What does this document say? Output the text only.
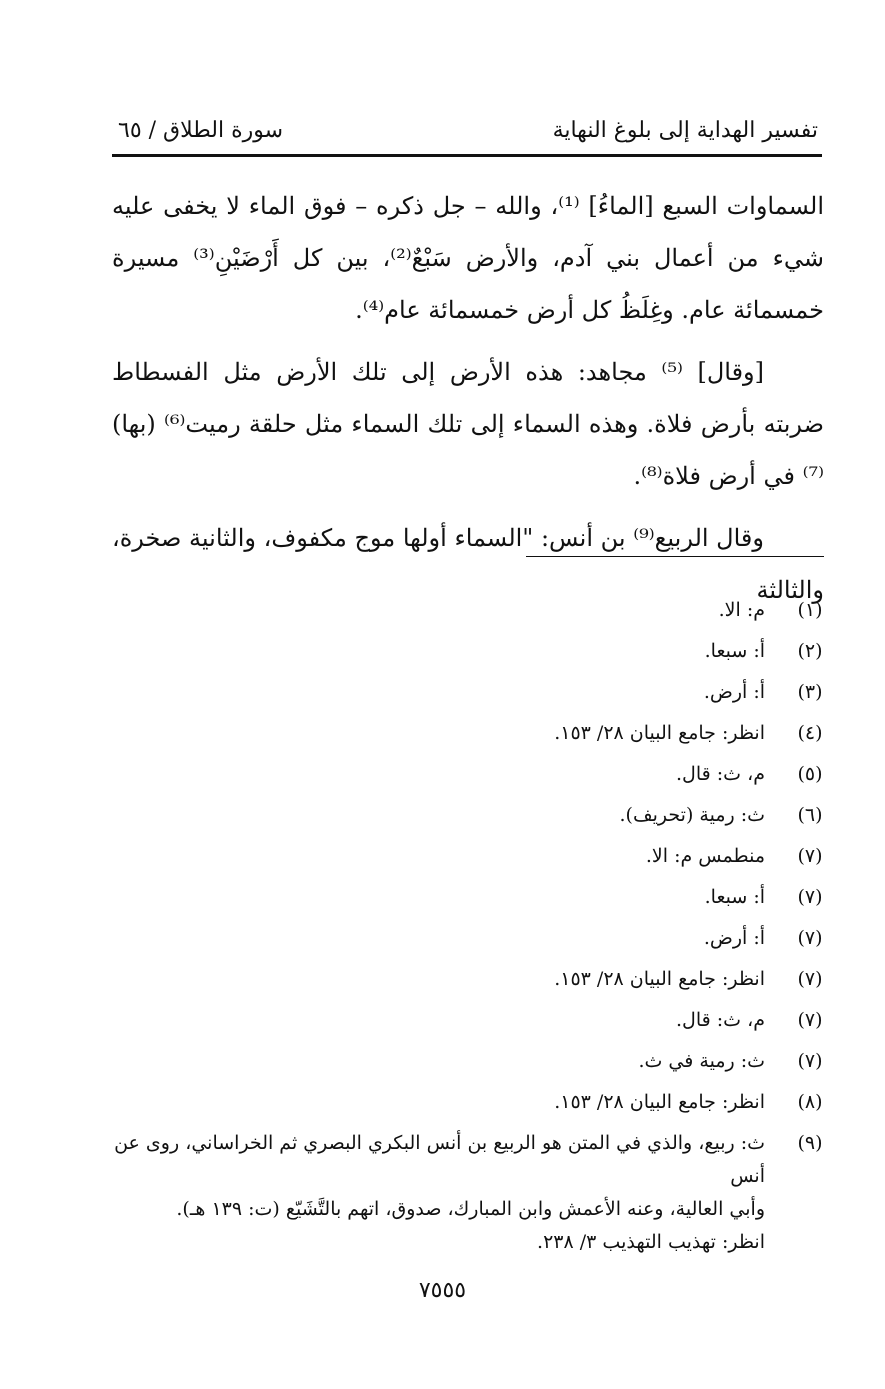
تفسير الهداية إلى بلوغ النهاية
سورة الطلاق / ٦٥

السماوات السبع [الماءُ] ⁽¹⁾، والله – جل ذكره – فوق الماء لا يخفى عليه شيء من أعمال بني آدم، والأرض سَبْعٌ⁽²⁾، بين كل أَرْضَيْنِ⁽³⁾ مسيرة خمسمائة عام. وغِلَظُ كل أرض خمسمائة عام⁽⁴⁾.

[وقال] ⁽⁵⁾ مجاهد: هذه الأرض إلى تلك الأرض مثل الفسطاط ضربته بأرض فلاة. وهذه السماء إلى تلك السماء مثل حلقة رميت⁽⁶⁾ (بها)⁽⁷⁾ في أرض فلاة⁽⁸⁾.

وقال الربيع⁽⁹⁾ بن أنس: "السماء أولها موج مكفوف، والثانية صخرة، والثالثة

(١)
م: الا.
(٢)
أ: سبعا.
(٣)
أ: أرض.
(٤)
انظر: جامع البيان ٢٨/ ١٥٣.
(٥)
م، ث: قال.
(٦)
ث: رمية (تحريف).
(٧)
منطمس م: الا.
(٧)
أ: سبعا.
(٧)
أ: أرض.
(٧)
انظر: جامع البيان ٢٨/ ١٥٣.
(٧)
م، ث: قال.
(٧)
ث: رمية في ث.
(٨)
انظر: جامع البيان ٢٨/ ١٥٣.
(٩)
ث: ربيع، والذي في المتن هو الربيع بن أنس البكري البصري ثم الخراساني، روى عن أنس
وأبي العالية، وعنه الأعمش وابن المبارك، صدوق، اتهم بالتَّشَيّع (ت: ١٣٩ هـ).
انظر: تهذيب التهذيب ٣/ ٢٣٨.
٧٥٥٥
